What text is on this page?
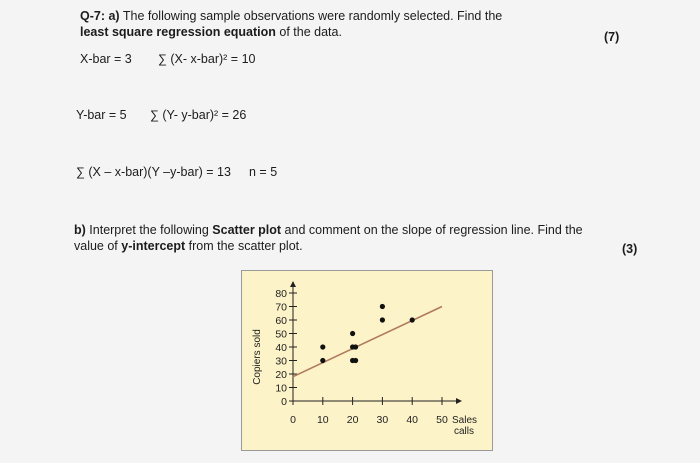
Q-7: a) The following sample observations were randomly selected. Find the
least square regression equation of the data.	(7)
X-bar = 3 ∑ (X- x-bar)² = 10
Y-bar = 5 ∑ (Y- y-bar)² = 26
∑ (X – x-bar)(Y –y-bar) = 13 n = 5
b) Interpret the following Scatter plot and comment on the slope of regression line. Find the
value of y-intercept from the scatter plot.	(3)
0
10
20
30
40
50
60
70
80
0 10 20 30 40 50 Sales
calls
Copiers sold
